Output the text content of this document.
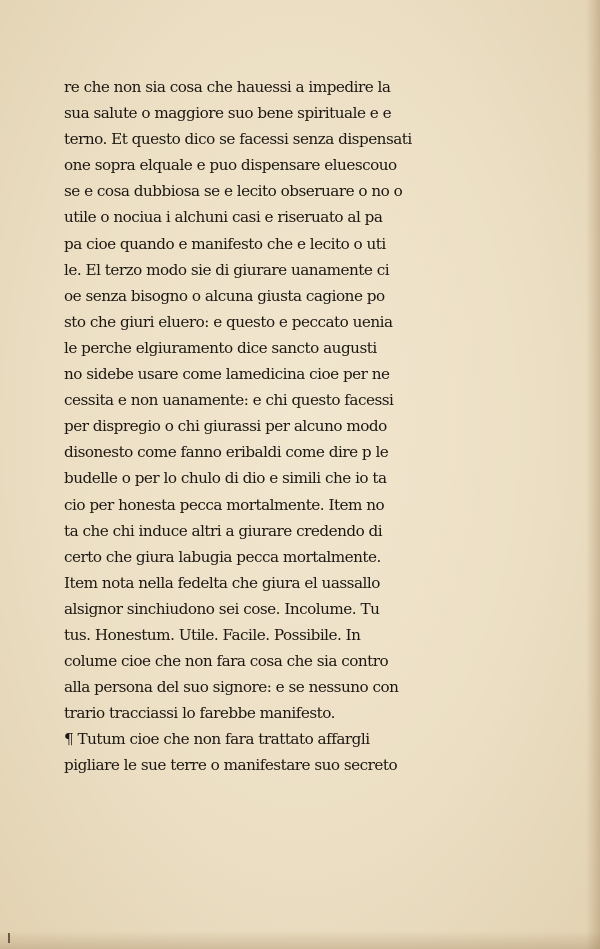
re che non sia cosa che hauessi a impedire la
sua salute o maggiore suo bene spirituale e e
terno. Et questo dico se facessi senza dispensati
one sopra elquale e puo dispensare eluescouo
se e cosa dubbiosa se e lecito obseruare o no o
utile o nociua i alchuni casi e riseruato al pa
pa cioe quando e manifesto che e lecito o uti
le. El terzo modo sie di giurare uanamente ci
oe senza bisogno o alcuna giusta cagione po
sto che giuri eluero: e questo e peccato uenia
le perche elgiuramento dice sancto augusti
no sidebe usare come lamedicina cioe per ne
cessita e non uanamente: e chi questo facessi
per dispregio o chi giurassi per alcuno modo
disonesto come fanno eribaldi come dire p le
budelle o per lo chulo di dio e simili che io ta
cio per honesta pecca mortalmente. Item no
ta che chi induce altri a giurare credendo di
certo che giura labugia pecca mortalmente.
Item nota nella fedelta che giura el uassallo
alsignor sinchiudono sei cose. Incolume. Tu
tus. Honestum. Utile. Facile. Possibile. In
colume cioe che non fara cosa che sia contro
alla persona del suo signore: e se nessuno con
trario tracciassi lo farebbe manifesto.
¶ Tutum cioe che non fara trattato affargli
pigliare le sue terre o manifestare suo secreto
